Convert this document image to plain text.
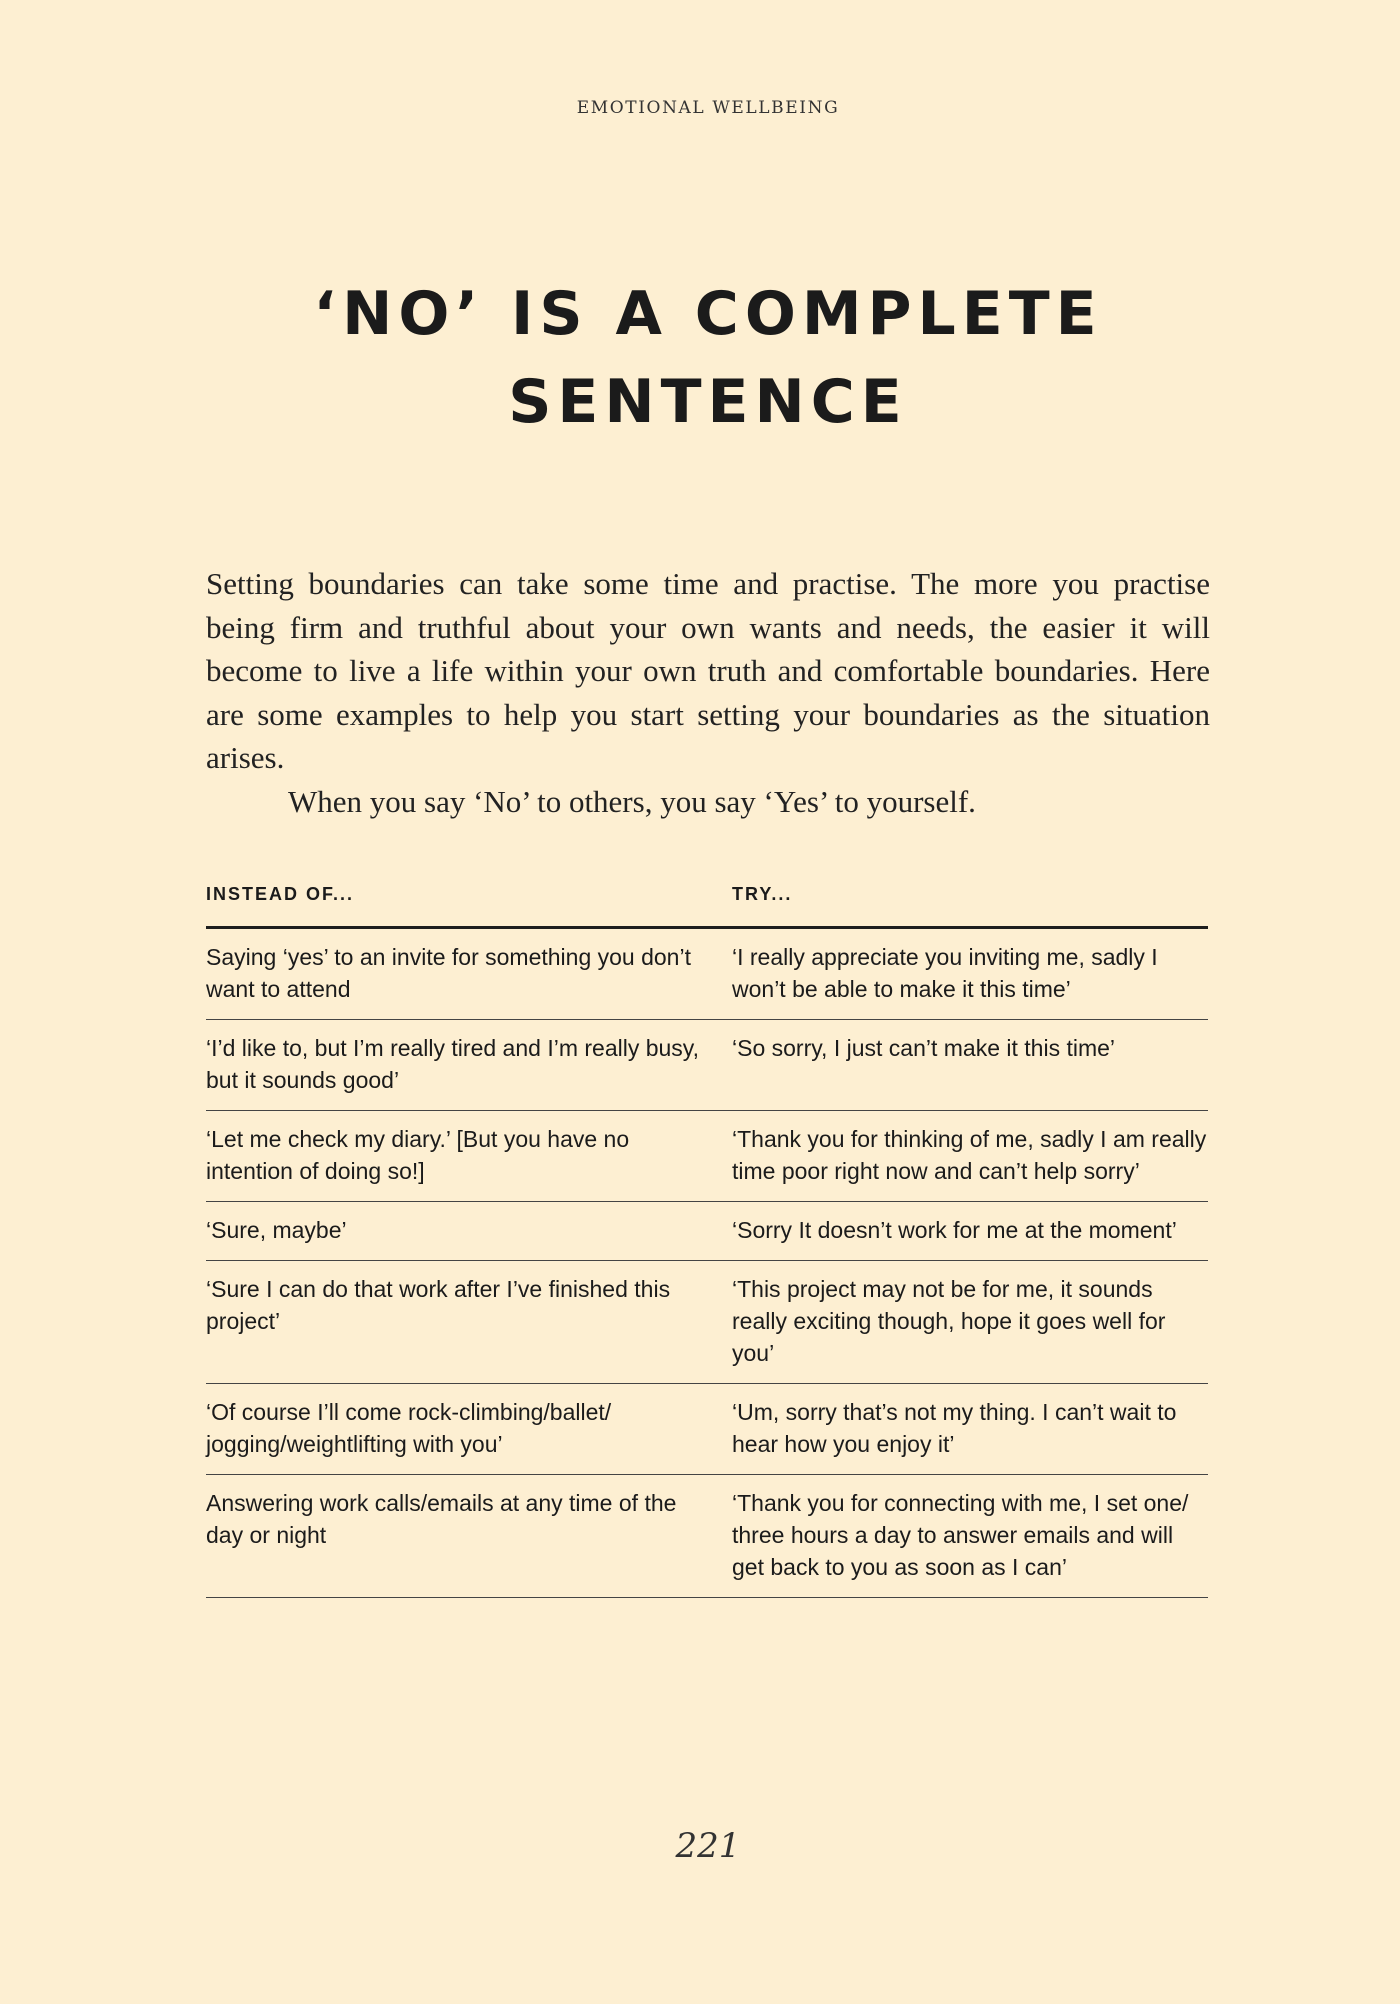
EMOTIONAL WELLBEING
‘NO’ IS A COMPLETE
SENTENCE

Setting boundaries can take some time and practise. The more you practise being firm and truthful about your own wants and needs, the easier it will become to live a life within your own truth and comfortable boundaries. Here are some examples to help you start setting your boundaries as the situation arises.

When you say ‘No’ to others, you say ‘Yes’ to yourself.

INSTEAD OF...	TRY...
Saying ‘yes’ to an invite for something you don’t want to attend	‘I really appreciate you inviting me, sadly I won’t be able to make it this time’
‘I’d like to, but I’m really tired and I’m really busy, but it sounds good’	‘So sorry, I just can’t make it this time’
‘Let me check my diary.’ [But you have no intention of doing so!]	‘Thank you for thinking of me, sadly I am really time poor right now and can’t help sorry’
‘Sure, maybe’	‘Sorry It doesn’t work for me at the moment’
‘Sure I can do that work after I’ve finished this project’	‘This project may not be for me, it sounds really exciting though, hope it goes well for you’
‘Of course I’ll come rock-climbing/ballet/ jogging/weightlifting with you’	‘Um, sorry that’s not my thing. I can’t wait to hear how you enjoy it’
Answering work calls/emails at any time of the day or night	‘Thank you for connecting with me, I set one/ three hours a day to answer emails and will get back to you as soon as I can’
221
